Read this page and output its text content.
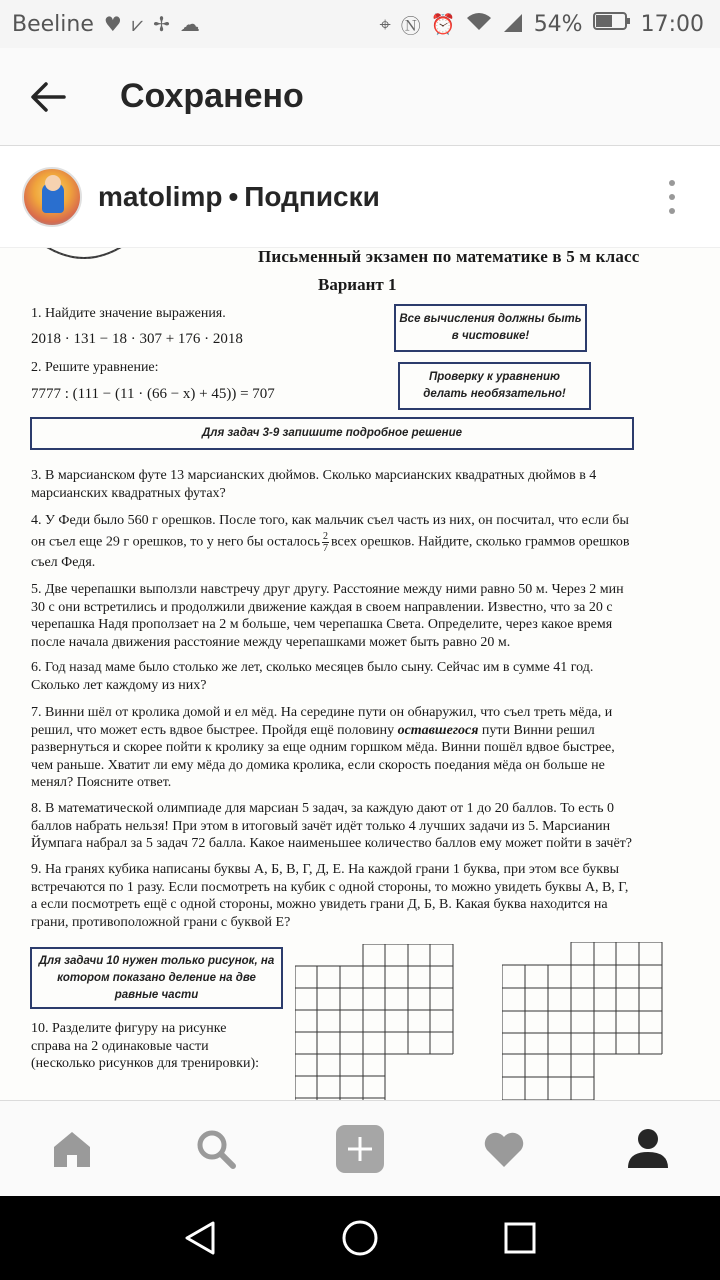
Beeline ♥ ⩗ ✢ ☁	⌖ Ⓝ ⏰	54%	17:00
Сохранено
matolimp • Подписки
Письменный экзамен по математике в 5 м класс
Вариант 1
1. Найдите значение выражения.
2018 · 131 − 18 · 307 + 176 · 2018
2. Решите уравнение:
7777 : (111 − (11 · (66 − x) + 45)) = 707
Все вычисления должны быть
в чистовике!
Проверку к уравнению
делать необязательно!
Для задач 3-9 запишите подробное решение
3. В марсианском футе 13 марсианских дюймов. Сколько марсианских квадратных дюймов в 4
марсианских квадратных футах?
4. У Феди было 560 г орешков. После того, как мальчик съел часть из них, он посчитал, что если бы
он съел еще 29 г орешков, то у него бы осталось $\frac{2}{7}$ всех орешков. Найдите, сколько граммов орешков
съел Федя.
5. Две черепашки выползли навстречу друг другу. Расстояние между ними равно 50 м. Через 2 мин
30 с они встретились и продолжили движение каждая в своем направлении. Известно, что за 20 с
черепашка Надя проползает на 2 м больше, чем черепашка Света. Определите, через какое время
после начала движения расстояние между черепашками может быть равно 20 м.
6. Год назад маме было столько же лет, сколько месяцев было сыну. Сейчас им в сумме 41 год.
Сколько лет каждому из них?
7. Винни шёл от кролика домой и ел мёд. На середине пути он обнаружил, что съел треть мёда, и
решил, что может есть вдвое быстрее. Пройдя ещё половину оставшегося пути Винни решил
развернуться и скорее пойти к кролику за еще одним горшком мёда. Винни пошёл вдвое быстрее,
чем раньше. Хватит ли ему мёда до домика кролика, если скорость поедания мёда он больше не
менял? Поясните ответ.
8. В математической олимпиаде для марсиан 5 задач, за каждую дают от 1 до 20 баллов. То есть 0
баллов набрать нельзя! При этом в итоговый зачёт идёт только 4 лучших задачи из 5. Марсианин
Йумпага набрал за 5 задач 72 балла. Какое наименьшее количество баллов ему может пойти в зачёт?
9. На гранях кубика написаны буквы А, Б, В, Г, Д, Е. На каждой грани 1 буква, при этом все буквы
встречаются по 1 разу. Если посмотреть на кубик с одной стороны, то можно увидеть буквы А, В, Г,
а если посмотреть ещё с одной стороны, можно увидеть грани Д, Б, В. Какая буква находится на
грани, противоположной грани с буквой Е?
Для задачи 10 нужен только рисунок, на
котором показано деление на две
равные части
10. Разделите фигуру на рисунке
справа на 2 одинаковые части
(несколько рисунков для тренировки):
